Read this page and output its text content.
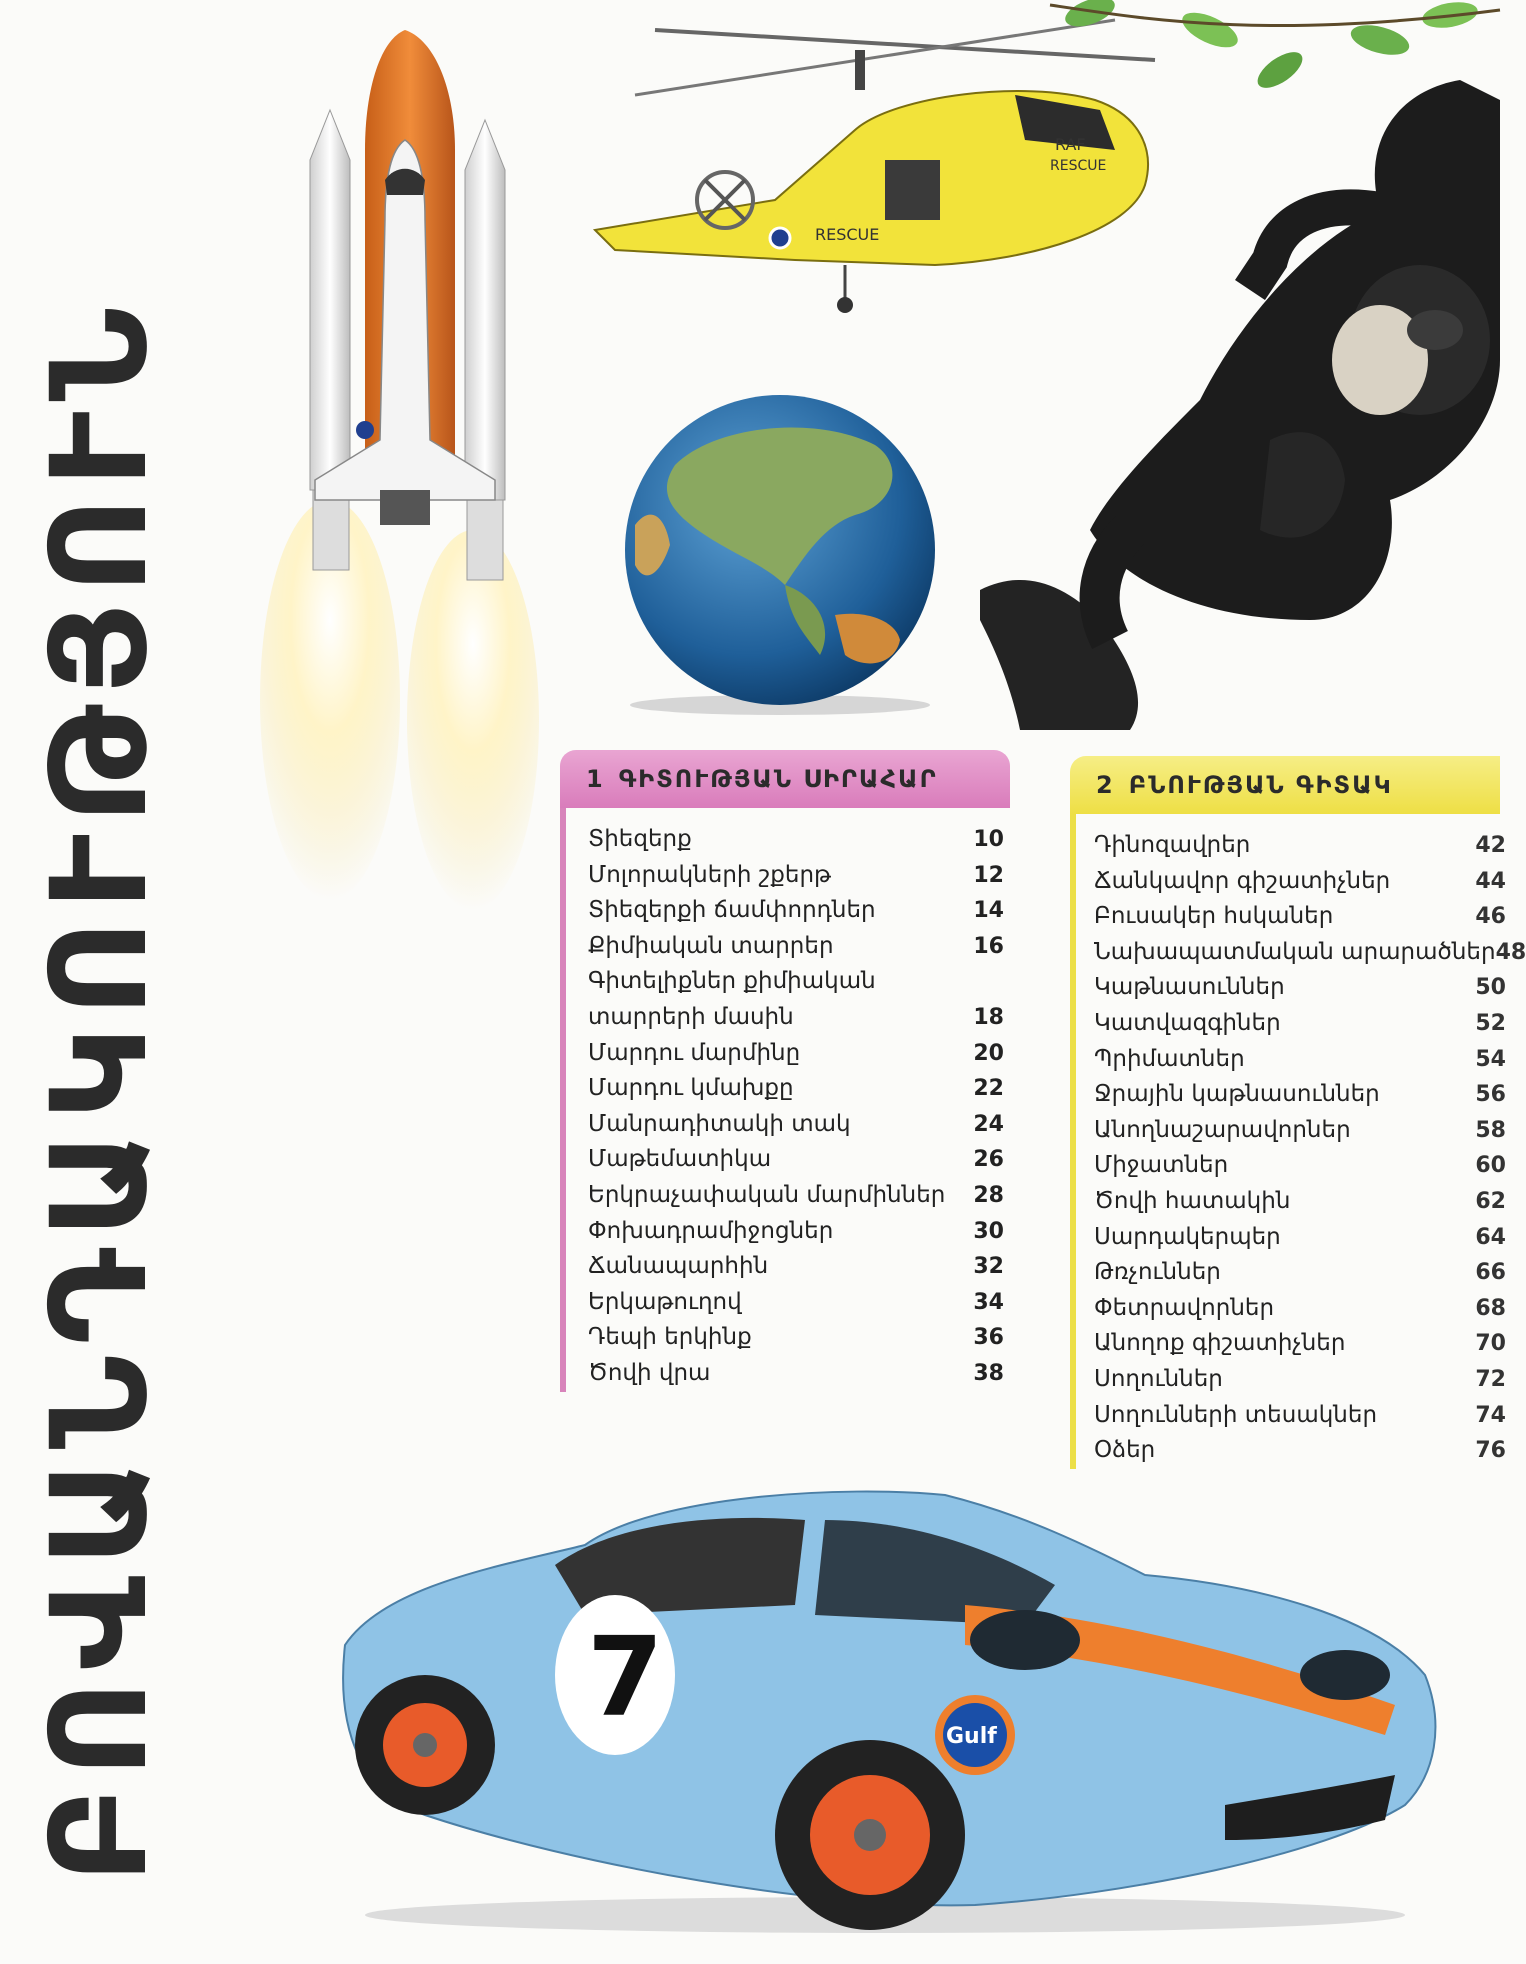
ԲՈՎԱՆԴԱԿՈՒԹՅՈՒՆ
RAF
RESCUE
RESCUE
7	Gulf
1 ԳԻՏՈՒԹՅԱՆ ՍԻՐԱՀԱՐ
Տիեզերք	10
Մոլորակների շքերթ	12
Տիեզերքի ճամփորդներ	14
Քիմիական տարրեր	16
Գիտելիքներ քիմիական
տարրերի մասին	18
Մարդու մարմինը	20
Մարդու կմախքը	22
Մանրադիտակի տակ	24
Մաթեմատիկա	26
Երկրաչափական մարմիններ 28
Փոխադրամիջոցներ	30
Ճանապարհին	32
Երկաթուղով	34
Դեպի երկինք	36
Ծովի վրա	38
2 ԲՆՈՒԹՅԱՆ ԳԻՏԱԿ
Դինոզավրեր	42
Ճանկավոր գիշատիչներ	44
Բուսակեր հսկաներ	46
Նախապատմական արարածներ 48
Կաթնասուններ	50
Կատվազգիներ	52
Պրիմատներ	54
Ջրային կաթնասուններ	56
Անողնաշարավորներ	58
Միջատներ	60
Ծովի հատակին	62
Սարդակերպեր	64
Թռչուններ	66
Փետրավորներ	68
Անողոք գիշատիչներ	70
Սողուններ	72
Սողունների տեսակներ	74
Օձեր	76
